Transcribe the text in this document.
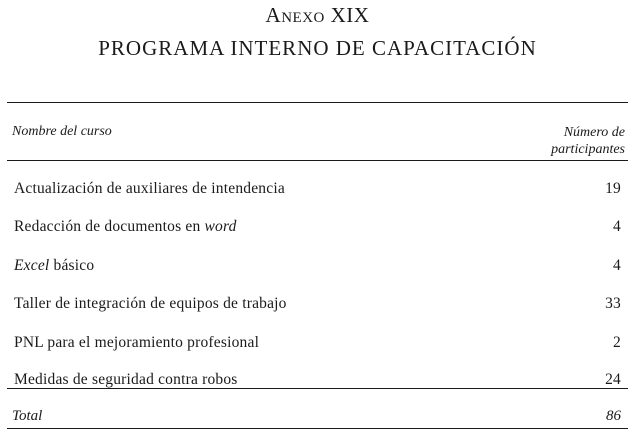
Anexo XIX
PROGRAMA INTERNO DE CAPACITACIÓN
Nombre del curso	Número de
participantes
Actualización de auxiliares de intendencia	19
Redacción de documentos en word	4
Excel básico	4
Taller de integración de equipos de trabajo	33
PNL para el mejoramiento profesional	2
Medidas de seguridad contra robos	24
Total	86
